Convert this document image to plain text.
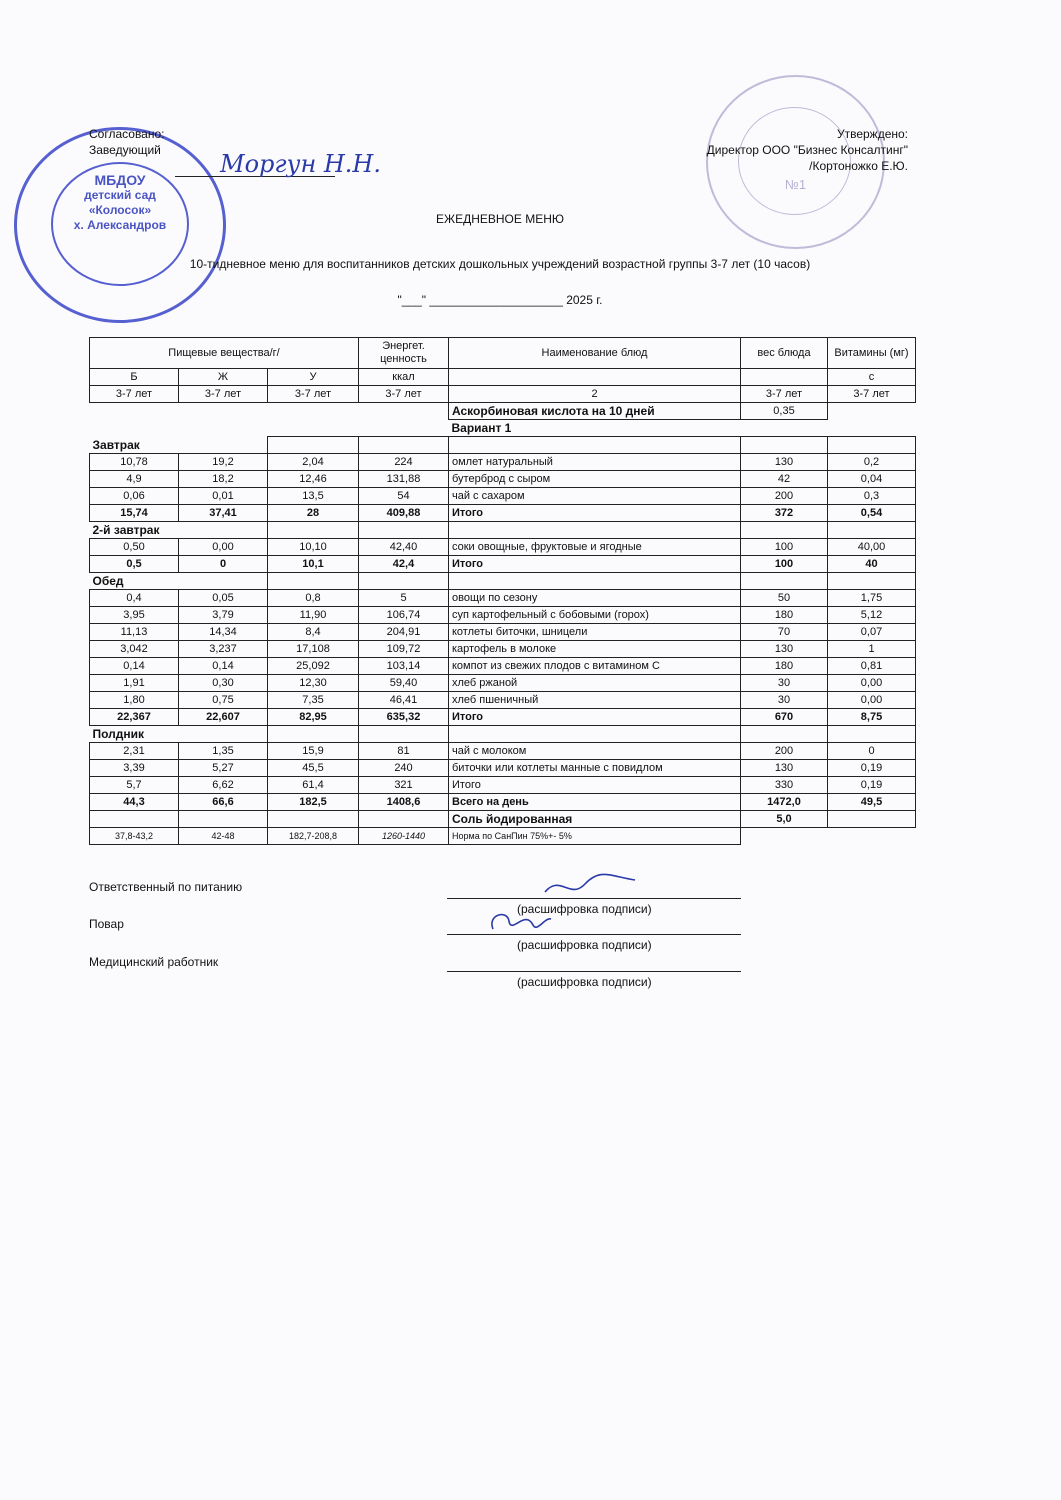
МБДОУ
детский сад
«Колосок»
х. Александров
№1
Согласовано:
Заведующий Моргун Н.Н.
Утверждено:
Директор ООО "Бизнес Консалтинг"
/Кортоножко Е.Ю.
ЕЖЕДНЕВНОЕ МЕНЮ
10-тидневное меню для воспитанников детских дошкольных учреждений возрастной группы 3-7 лет (10 часов)
"___" ____________________ 2025 г.
Пищевые вещества/г/			Энергет. ценность	Наименование блюд	вес блюда	Витамины (мг)
Б	Ж	У	ккал			с
3-7 лет	3-7 лет	3-7 лет	3-7 лет	2	3-7 лет	3-7 лет
				Аскорбиновая кислота на 10 дней	0,35	
				Вариант 1		
Завтрак						
10,78	19,2	2,04	224	омлет натуральный	130	0,2
4,9	18,2	12,46	131,88	бутерброд с сыром	42	0,04
0,06	0,01	13,5	54	чай с сахаром	200	0,3
15,74	37,41	28	409,88	Итого	372	0,54
2-й завтрак						
0,50	0,00	10,10	42,40	соки овощные, фруктовые и ягодные	100	40,00
0,5	0	10,1	42,4	Итого	100	40
Обед						
0,4	0,05	0,8	5	овощи по сезону	50	1,75
3,95	3,79	11,90	106,74	суп картофельный с бобовыми (горох)	180	5,12
11,13	14,34	8,4	204,91	котлеты биточки, шницели	70	0,07
3,042	3,237	17,108	109,72	картофель в молоке	130	1
0,14	0,14	25,092	103,14	компот из свежих плодов с витамином С	180	0,81
1,91	0,30	12,30	59,40	хлеб ржаной	30	0,00
1,80	0,75	7,35	46,41	хлеб пшеничный	30	0,00
22,367	22,607	82,95	635,32	Итого	670	8,75
Полдник						
2,31	1,35	15,9	81	чай с молоком	200	0
3,39	5,27	45,5	240	биточки или котлеты манные с повидлом	130	0,19
5,7	6,62	61,4	321	Итого	330	0,19
44,3	66,6	182,5	1408,6	Всего на день	1472,0	49,5
				Соль йодированная	5,0	
37,8-43,2	42-48	182,7-208,8	1260-1440	Норма по СанПин 75%+- 5%		
Ответственный по питанию
Повар
Медицинский работник
(расшифровка подписи)
(расшифровка подписи)
(расшифровка подписи)
